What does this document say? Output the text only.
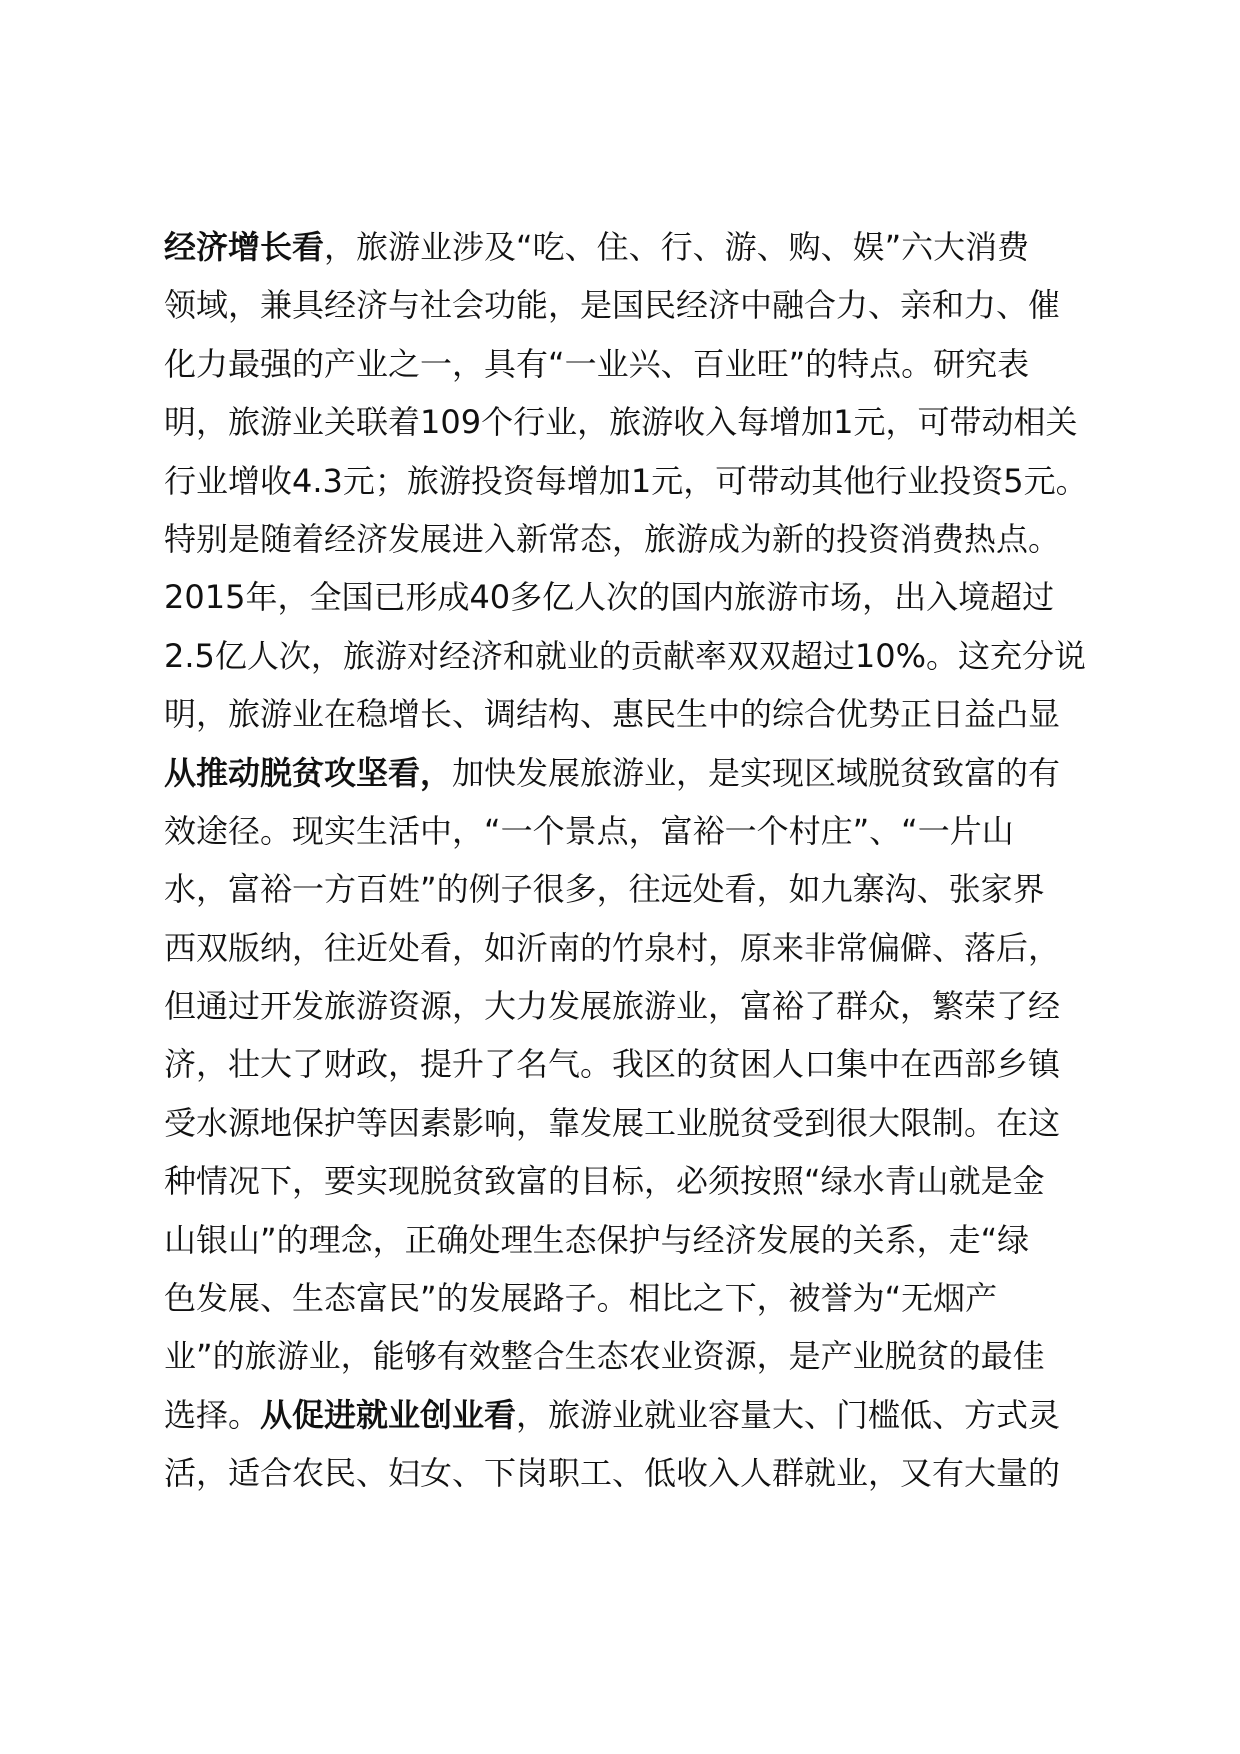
经济增长看，旅游业涉及“吃、住、行、游、购、娱”六大消费
领域，兼具经济与社会功能，是国民经济中融合力、亲和力、催
化力最强的产业之一，具有“一业兴、百业旺”的特点。研究表
明，旅游业关联着109个行业，旅游收入每增加1元，可带动相关
行业增收4.3元；旅游投资每增加1元，可带动其他行业投资5元。
特别是随着经济发展进入新常态，旅游成为新的投资消费热点。
2015年，全国已形成40多亿人次的国内旅游市场，出入境超过
2.5亿人次，旅游对经济和就业的贡献率双双超过10%。这充分说
明，旅游业在稳增长、调结构、惠民生中的综合优势正日益凸显
从推动脱贫攻坚看，加快发展旅游业，是实现区域脱贫致富的有
效途径。现实生活中，“一个景点，富裕一个村庄”、“一片山
水，富裕一方百姓”的例子很多，往远处看，如九寨沟、张家界
西双版纳，往近处看，如沂南的竹泉村，原来非常偏僻、落后，
但通过开发旅游资源，大力发展旅游业，富裕了群众，繁荣了经
济，壮大了财政，提升了名气。我区的贫困人口集中在西部乡镇
受水源地保护等因素影响，靠发展工业脱贫受到很大限制。在这
种情况下，要实现脱贫致富的目标，必须按照“绿水青山就是金
山银山”的理念，正确处理生态保护与经济发展的关系，走“绿
色发展、生态富民”的发展路子。相比之下，被誉为“无烟产
业”的旅游业，能够有效整合生态农业资源，是产业脱贫的最佳
选择。从促进就业创业看，旅游业就业容量大、门槛低、方式灵
活，适合农民、妇女、下岗职工、低收入人群就业，又有大量的
